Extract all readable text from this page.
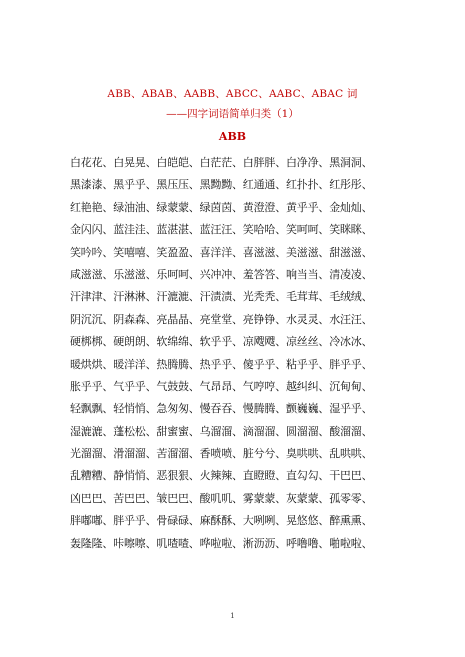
ABB、ABAB、AABB、ABCC、AABC、ABAC 词
——四字词语简单归类（1）
ABB
白花花、白晃晃、白皑皑、白茫茫、白胖胖、白净净、黑洞洞、
黑漆漆、黑乎乎、黑压压、黑黝黝、红通通、红扑扑、红彤彤、
红艳艳、绿油油、绿蒙蒙、绿茵茵、黄澄澄、黄乎乎、金灿灿、
金闪闪、蓝洼洼、蓝湛湛、蓝汪汪、笑哈哈、笑呵呵、笑眯眯、
笑吟吟、笑嘻嘻、笑盈盈、喜洋洋、喜滋滋、美滋滋、甜滋滋、
咸滋滋、乐滋滋、乐呵呵、兴冲冲、羞答答、响当当、清凌凌、
汗津津、汗淋淋、汗漉漉、汗渍渍、光秃秃、毛茸茸、毛绒绒、
阴沉沉、阴森森、亮晶晶、亮堂堂、亮铮铮、水灵灵、水汪汪、
硬梆梆、硬朗朗、软绵绵、软乎乎、凉飕飕、凉丝丝、冷冰冰、
暖烘烘、暖洋洋、热腾腾、热乎乎、傻乎乎、粘乎乎、胖乎乎、
胀乎乎、气乎乎、气鼓鼓、气昂昂、气哼哼、越纠纠、沉甸甸、
轻飘飘、轻悄悄、急匆匆、慢吞吞、慢腾腾、颤巍巍、湿乎乎、
湿漉漉、蓬松松、甜蜜蜜、乌溜溜、滴溜溜、圆溜溜、酸溜溜、
光溜溜、滑溜溜、苦溜溜、香喷喷、脏兮兮、臭哄哄、乱哄哄、
乱糟糟、静悄悄、恶狠狠、火辣辣、直瞪瞪、直勾勾、干巴巴、
凶巴巴、苦巴巴、皱巴巴、酸叽叽、雾蒙蒙、灰蒙蒙、孤零零、
胖嘟嘟、胖乎乎、骨碌碌、麻酥酥、大咧咧、晃悠悠、醉熏熏、
轰隆隆、咔嚓嚓、叽喳喳、哗啦啦、淅沥沥、呼噜噜、啪啦啦、
1
